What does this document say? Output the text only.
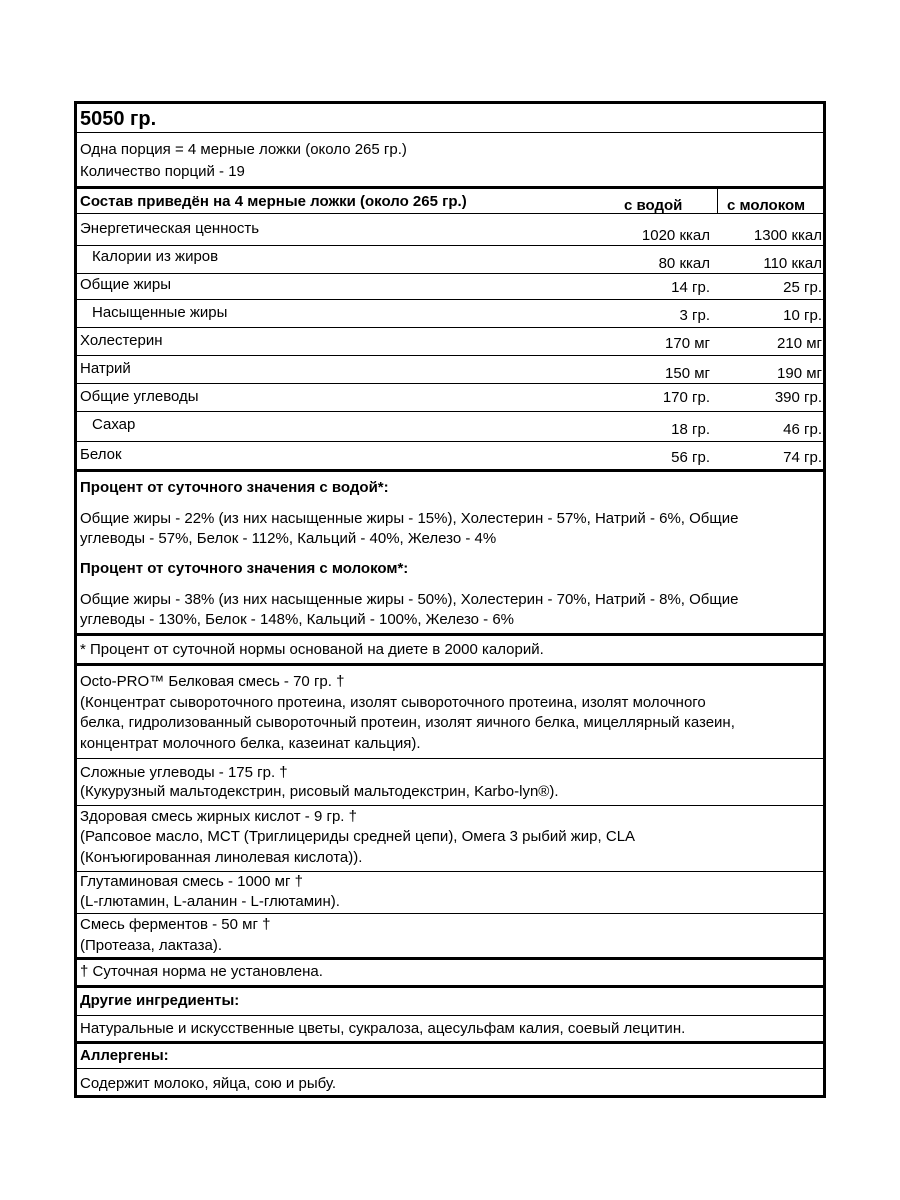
5050 гр.
Одна порция = 4 мерные ложки (около 265 гр.)
Количество порций - 19
Состав приведён на 4 мерные ложки (около 265 гр.)	с водой	с молоком
Энергетическая ценность	1020 ккал	1300 ккал
Калории из жиров	80 ккал	110 ккал
Общие жиры	14 гр.	25 гр.
Насыщенные жиры	3 гр.	10 гр.
Холестерин	170 мг	210 мг
Натрий	150 мг	190 мг
Общие углеводы	170 гр.	390 гр.
Сахар	18 гр.	46 гр.
Белок	56 гр.	74 гр.
Процент от суточного значения с водой*:
Общие жиры - 22% (из них насыщенные жиры - 15%), Холестерин - 57%, Натрий - 6%, Общие
углеводы - 57%, Белок - 112%, Кальций - 40%, Железо - 4%
Процент от суточного значения с молоком*:
Общие жиры - 38% (из них насыщенные жиры - 50%), Холестерин - 70%, Натрий - 8%, Общие
углеводы - 130%, Белок - 148%, Кальций - 100%, Железо - 6%
* Процент от суточной нормы основаной на диете в 2000 калорий.
Octo-PRO™ Белковая смесь - 70 гр. †
(Концентрат сывороточного протеина, изолят сывороточного протеина, изолят молочного
белка, гидролизованный сывороточный протеин, изолят яичного белка, мицеллярный казеин,
концентрат молочного белка, казеинат кальция).
Сложные углеводы - 175 гр. †
(Кукурузный мальтодекстрин, рисовый мальтодекстрин, Karbo-lyn®).
Здоровая смесь жирных кислот - 9 гр. †
(Рапсовое масло, MCT (Триглицериды средней цепи), Омега 3 рыбий жир, CLA
(Конъюгированная линолевая кислота)).
Глутаминовая смесь - 1000 мг †
(L-глютамин, L-аланин - L-глютамин).
Смесь ферментов - 50 мг †
(Протеаза, лактаза).
† Суточная норма не установлена.
Другие ингредиенты:
Натуральные и искусственные цветы, сукралоза, ацесульфам калия, соевый лецитин.
Аллергены:
Содержит молоко, яйца, сою и рыбу.
